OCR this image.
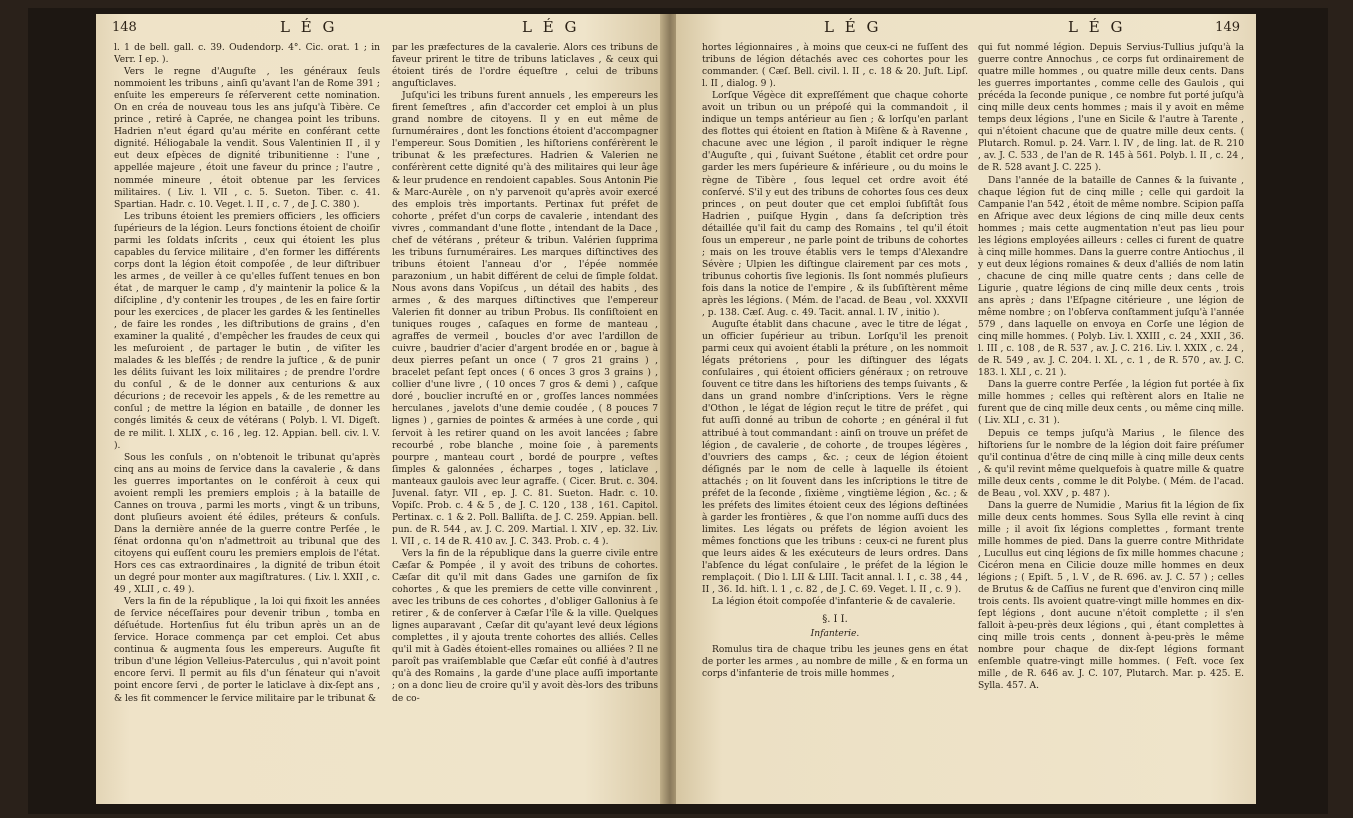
148	L É G	L É G

l. 1 de bell. gall. c. 39. Oudendorp. 4°. Cic. orat. 1 ; in Verr. I ep. ).

Vers le regne d'Auguſte , les généraux ſeuls nommoient les tribuns , ainſi qu'avant l'an de Rome 391 ; enſuite les empereurs ſe réſerverent cette nomination. On en créa de nouveau tous les ans juſqu'à Tibère. Ce prince , retiré à Caprée, ne changea point les tribuns. Hadrien n'eut égard qu'au mérite en conférant cette dignité. Héliogabale la vendit. Sous Valentinien II , il y eut deux eſpèces de dignité tribunitienne : l'une , appellée majeure , étoit une faveur du prince ; l'autre , nommée mineure , étoit obtenue par les ſervices militaires. ( Liv. l. VII , c. 5. Sueton. Tiber. c. 41. Spartian. Hadr. c. 10. Veget. l. II , c. 7 , de J. C. 380 ).

Les tribuns étoient les premiers officiers , les officiers ſupérieurs de la légion. Leurs fonctions étoient de choiſir parmi les ſoldats inſcrits , ceux qui étoient les plus capables du ſervice militaire , d'en former les différents corps dont la légion étoit compoſée , de leur diſtribuer les armes , de veiller à ce qu'elles fuſſent tenues en bon état , de marquer le camp , d'y maintenir la police & la diſcipline , d'y contenir les troupes , de les en faire ſortir pour les exercices , de placer les gardes & les ſentinelles , de faire les rondes , les diſtributions de grains , d'en examiner la qualité , d'empêcher les fraudes de ceux qui les meſuroient , de partager le butin , de viſiter les malades & les bleſſés ; de rendre la juſtice , & de punir les délits ſuivant les loix militaires ; de prendre l'ordre du conſul , & de le donner aux centurions & aux décurions ; de recevoir les appels , & de les remettre au conſul ; de mettre la légion en bataille , de donner les congés limités & ceux de vétérans ( Polyb. l. VI. Digeſt. de re milit. l. XLIX , c. 16 , leg. 12. Appian. bell. civ. l. V. ).

Sous les conſuls , on n'obtenoit le tribunat qu'après cinq ans au moins de ſervice dans la cavalerie , & dans les guerres importantes on le conféroit à ceux qui avoient rempli les premiers emplois ; à la bataille de Cannes on trouva , parmi les morts , vingt & un tribuns, dont pluſieurs avoient été édiles, préteurs & conſuls. Dans la dernière année de la guerre contre Perſée , le ſénat ordonna qu'on n'admettroit au tribunal que des citoyens qui euſſent couru les premiers emplois de l'état. Hors ces cas extraordinaires , la dignité de tribun étoit un degré pour monter aux magiſtratures. ( Liv. l. XXII , c. 49 , XLII , c. 49 ).

Vers la fin de la république , la loi qui fixoit les années de ſervice néceſſaires pour devenir tribun , tomba en déſuétude. Hortenſius fut élu tribun après un an de ſervice. Horace commença par cet emploi. Cet abus continua & augmenta ſous les empereurs. Auguſte fit tribun d'une légion Velleius-Paterculus , qui n'avoit point encore ſervi. Il permit au fils d'un ſénateur qui n'avoit point encore ſervi , de porter le laticlave à dix-ſept ans , & les fit commencer le ſervice militaire par le tribunat &

par les præfectures de la cavalerie. Alors ces tribuns de faveur prirent le titre de tribuns laticlaves , & ceux qui étoient tirés de l'ordre équeſtre , celui de tribuns anguſticlaves.

Juſqu'ici les tribuns furent annuels , les empereurs les firent ſemeſtres , afin d'accorder cet emploi à un plus grand nombre de citoyens. Il y en eut même de ſurnuméraires , dont les fonctions étoient d'accompagner l'empereur. Sous Domitien , les hiſtoriens conférèrent le tribunat & les præfectures. Hadrien & Valerien ne conférèrent cette dignité qu'à des militaires qui leur âge & leur prudence en rendoient capables. Sous Antonin Pie & Marc-Aurèle , on n'y parvenoit qu'après avoir exercé des emplois très importants. Pertinax fut préfet de cohorte , préfet d'un corps de cavalerie , intendant des vivres , commandant d'une flotte , intendant de la Dace , chef de vétérans , préteur & tribun. Valérien ſupprima les tribuns ſurnuméraires. Les marques diſtinctives des tribuns étoient l'anneau d'or , l'épée nommée parazonium , un habit différent de celui de ſimple ſoldat. Nous avons dans Vopiſcus , un détail des habits , des armes , & des marques diſtinctives que l'empereur Valerien fit donner au tribun Probus. Ils conſiſtoient en tuniques rouges , caſaques en forme de manteau , agraffes de vermeil , boucles d'or avec l'ardillon de cuivre , baudrier d'acier d'argent brodée en or , bague à deux pierres peſant un once ( 7 gros 21 grains ) , bracelet peſant ſept onces ( 6 onces 3 gros 3 grains ) , collier d'une livre , ( 10 onces 7 gros & demi ) , caſque doré , bouclier incruſté en or , groſſes lances nommées herculanes , javelots d'une demie coudée , ( 8 pouces 7 lignes ) , garnies de pointes & armées à une corde , qui ſervoit à les retirer quand on les avoit lancées ; ſabre recourbé , robe blanche , moine ſoie , à parements pourpre , manteau court , bordé de pourpre , veſtes ſimples & galonnées , écharpes , toges , laticlave , manteaux gaulois avec leur agraffe. ( Cicer. Brut. c. 304. Juvenal. ſatyr. VII , ep. J. C. 81. Sueton. Hadr. c. 10. Vopiſc. Prob. c. 4 & 5 , de J. C. 120 , 138 , 161. Capitol. Pertinax. c. 1 & 2. Poll. Balliſta. de J. C. 259. Appian. bell. pun. de R. 544 , av. J. C. 209. Martial. l. XIV , ep. 32. Liv. l. VII , c. 14 de R. 410 av. J. C. 343. Prob. c. 4 ).

Vers la fin de la république dans la guerre civile entre Cæſar & Pompée , il y avoit des tribuns de cohortes. Cæſar dit qu'il mit dans Gades une garniſon de ſix cohortes , & que les premiers de cette ville convinrent , avec les tribuns de ces cohortes , d'obliger Gallonius à ſe retirer , & de conſerver à Cæſar l'île & la ville. Quelques lignes auparavant , Cæſar dit qu'ayant levé deux légions complettes , il y ajouta trente cohortes des alliés. Celles qu'il mit à Gadès étoient-elles romaines ou alliées ? Il ne paroît pas vraiſemblable que Cæſar eût confié à d'autres qu'à des Romains , la garde d'une place auſſi importante ; on a donc lieu de croire qu'il y avoit dès-lors des tribuns de co-

L É G	L É G	149

hortes légionnaires , à moins que ceux-ci ne fuſſent des tribuns de légion détachés avec ces cohortes pour les commander. ( Cæſ. Bell. civil. l. II , c. 18 & 20. Juſt. Lipſ. l. II , dialog. 9 ).

Lorſque Végèce dit expreſſément que chaque cohorte avoit un tribun ou un prépoſé qui la commandoit , il indique un temps antérieur au ſien ; & lorſqu'en parlant des flottes qui étoient en ſtation à Miſène & à Ravenne , chacune avec une légion , il paroît indiquer le règne d'Auguſte , qui , ſuivant Suétone , établit cet ordre pour garder les mers ſupérieure & inférieure , ou du moins le règne de Tibère , ſous lequel cet ordre avoit été conſervé. S'il y eut des tribuns de cohortes ſous ces deux princes , on peut douter que cet emploi ſubſiſtât ſous Hadrien , puiſque Hygin , dans ſa deſcription très détaillée qu'il fait du camp des Romains , tel qu'il étoit ſous un empereur , ne parle point de tribuns de cohortes ; mais on les trouve établis vers le temps d'Alexandre Sévère ; Ulpien les diſtingue clairement par ces mots , tribunus cohortis ſive legionis. Ils ſont nommés pluſieurs fois dans la notice de l'empire , & ils ſubſiſtèrent même après les légions. ( Mém. de l'acad. de Beau , vol. XXXVII , p. 138. Cæſ. Aug. c. 49. Tacit. annal. l. IV , initio ).

Auguſte établit dans chacune , avec le titre de légat , un officier ſupérieur au tribun. Lorſqu'il les prenoit parmi ceux qui avoient établi la préture , on les nommoit légats prétoriens , pour les diſtinguer des légats conſulaires , qui étoient officiers généraux ; on retrouve ſouvent ce titre dans les hiſtoriens des temps ſuivants , & dans un grand nombre d'inſcriptions. Vers le règne d'Othon , le légat de légion reçut le titre de préfet , qui fut auſſi donné au tribun de cohorte ; en général il fut attribué à tout commandant : ainſi on trouve un préfet de légion , de cavalerie , de cohorte , de troupes légères , d'ouvriers des camps , &c. ; ceux de légion étoient déſignés par le nom de celle à laquelle ils étoient attachés ; on lit ſouvent dans les inſcriptions le titre de préfet de la ſeconde , ſixième , vingtième légion , &c. ; & les préfets des limites étoient ceux des légions deſtinées à garder les frontières , & que l'on nomme auſſi ducs des limites. Les légats ou préfets de légion avoient les mêmes fonctions que les tribuns : ceux-ci ne furent plus que leurs aides & les exécuteurs de leurs ordres. Dans l'abſence du légat conſulaire , le préfet de la légion le remplaçoit. ( Dio l. LII & LIII. Tacit annal. l. I , c. 38 , 44 , II , 36. Id. hiſt. l. 1 , c. 82 , de J. C. 69. Veget. l. II , c. 9 ).

La légion étoit compoſée d'infanterie & de cavalerie.

§. I I.

Infanterie.

Romulus tira de chaque tribu les jeunes gens en état de porter les armes , au nombre de mille , & en forma un corps d'infanterie de trois mille hommes ,

qui fut nommé légion. Depuis Servius-Tullius juſqu'à la guerre contre Annochus , ce corps fut ordinairement de quatre mille hommes , ou quatre mille deux cents. Dans les guerres importantes , comme celle des Gaulois , qui précéda la ſeconde punique , ce nombre fut porté juſqu'à cinq mille deux cents hommes ; mais il y avoit en même temps deux légions , l'une en Sicile & l'autre à Tarente , qui n'étoient chacune que de quatre mille deux cents. ( Plutarch. Romul. p. 24. Varr. l. IV , de ling. lat. de R. 210 , av. J. C. 533 , de l'an de R. 145 à 561. Polyb. l. II , c. 24 , de R. 528 avant J. C. 225 ).

Dans l'année de la bataille de Cannes & la ſuivante , chaque légion fut de cinq mille ; celle qui gardoit la Campanie l'an 542 , étoit de même nombre. Scipion paſſa en Afrique avec deux légions de cinq mille deux cents hommes ; mais cette augmentation n'eut pas lieu pour les légions employées ailleurs : celles ci furent de quatre à cinq mille hommes. Dans la guerre contre Antiochus , il y eut deux légions romaines & deux d'alliés de nom latin , chacune de cinq mille quatre cents ; dans celle de Ligurie , quatre légions de cinq mille deux cents , trois ans après ; dans l'Eſpagne citérieure , une légion de même nombre ; on l'obſerva conſtamment juſqu'à l'année 579 , dans laquelle on envoya en Corſe une légion de cinq mille hommes. ( Polyb. Liv. l. XXIII , c. 24 , XXII , 36. l. III , c. 108 , de R. 537 , av. J. C. 216. Liv. l. XXIX , c. 24 , de R. 549 , av. J. C. 204. l. XL , c. 1 , de R. 570 , av. J. C. 183. l. XLI , c. 21 ).

Dans la guerre contre Perſée , la légion fut portée à ſix mille hommes ; celles qui reſtèrent alors en Italie ne furent que de cinq mille deux cents , ou même cinq mille. ( Liv. XLI , c. 31 ).

Depuis ce temps juſqu'à Marius , le ſilence des hiſtoriens ſur le nombre de la légion doit faire préſumer qu'il continua d'être de cinq mille à cinq mille deux cents , & qu'il revint même quelquefois à quatre mille & quatre mille deux cents , comme le dit Polybe. ( Mém. de l'acad. de Beau , vol. XXV , p. 487 ).

Dans la guerre de Numidie , Marius fit la légion de ſix mille deux cents hommes. Sous Sylla elle revint à cinq mille ; il avoit ſix légions complettes , formant trente mille hommes de pied. Dans la guerre contre Mithridate , Lucullus eut cinq légions de ſix mille hommes chacune ; Cicéron mena en Cilicie douze mille hommes en deux légions ; ( Epiſt. 5 , l. V , de R. 696. av. J. C. 57 ) ; celles de Brutus & de Caſſius ne furent que d'environ cinq mille trois cents. Ils avoient quatre-vingt mille hommes en dix-ſept légions , dont aucune n'étoit complette ; il s'en falloit à-peu-près deux légions , qui , étant complettes à cinq mille trois cents , donnent à-peu-près le même nombre pour chaque de dix-ſept légions formant enſemble quatre-vingt mille hommes. ( Feſt. voce ſex mille , de R. 646 av. J. C. 107, Plutarch. Mar. p. 425. E. Sylla. 457. A.
